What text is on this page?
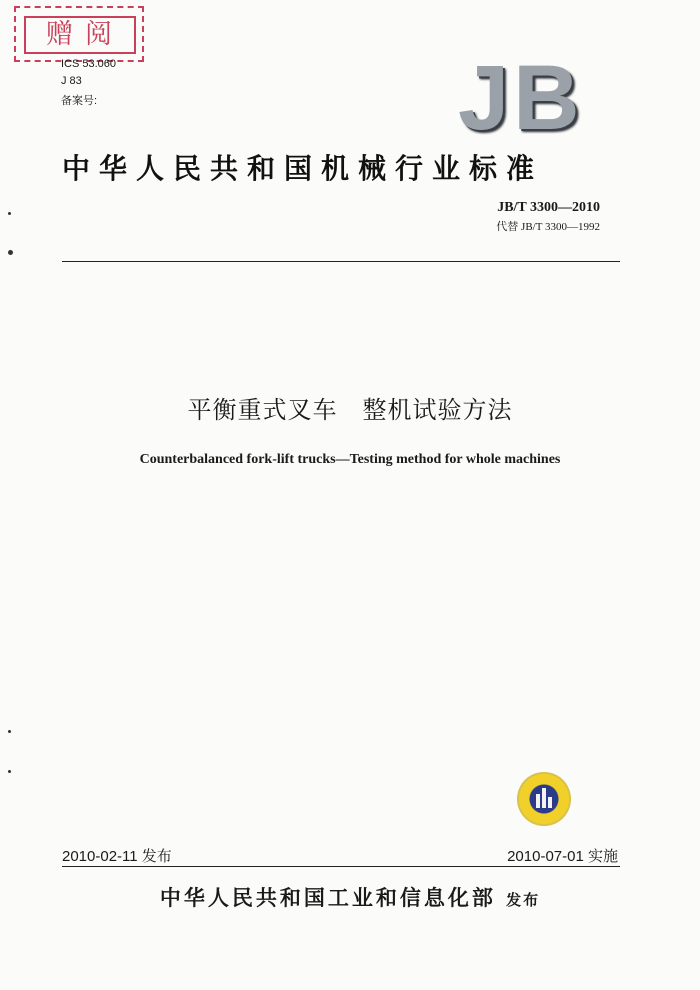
赠阅
ICS 53.060
J 83
备案号:	JB
中华人民共和国机械行业标准
JB/T 3300—2010
代替 JB/T 3300—1992
平衡重式叉车　整机试验方法
Counterbalanced fork-lift trucks—Testing method for whole machines
2010-02-11 发布	2010-07-01 实施
中华人民共和国工业和信息化部 发布
